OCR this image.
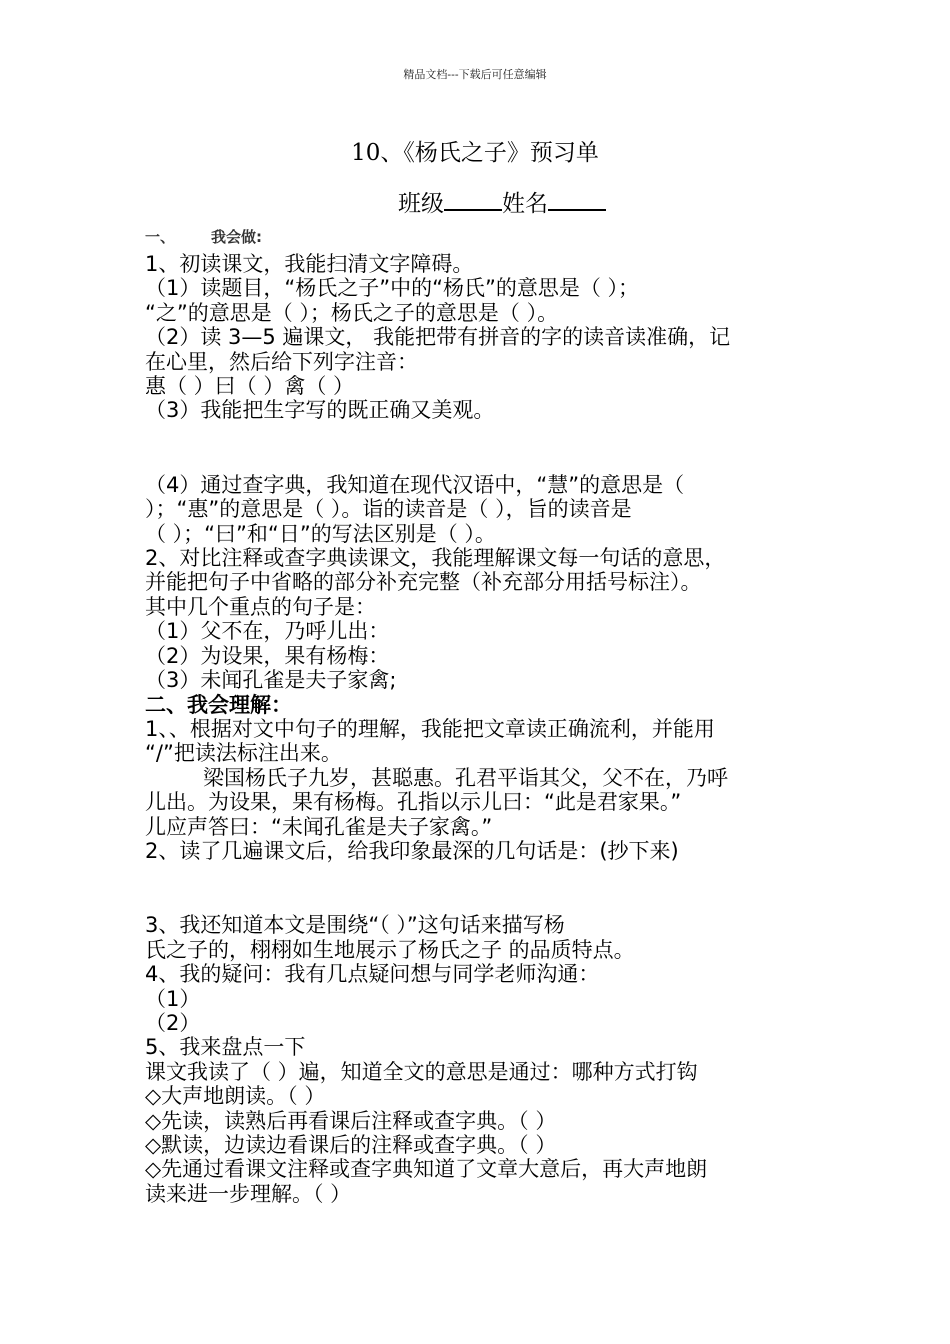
精品文档---下载后可任意编辑
10、《杨氏之子》预习单
班级	姓名

一、 我会做:

1、初读课文，我能扫清文字障碍。

（1）读题目，“杨氏之子”中的“杨氏”的意思是（ ）；

“之”的意思是（ ）；杨氏之子的意思是（ ）。

（2）读 3—5 遍课文， 我能把带有拼音的字的读音读准确，记

在心里，然后给下列字注音：

惠（ ）曰（ ）禽（ ）

（3）我能把生字写的既正确又美观。

（4）通过查字典，我知道在现代汉语中，“慧”的意思是（

）；“惠”的意思是（ ）。诣的读音是（ ），旨的读音是

（ ）；“曰”和“日”的写法区别是（ ）。

2、对比注释或查字典读课文，我能理解课文每一句话的意思，

并能把句子中省略的部分补充完整（补充部分用括号标注）。

其中几个重点的句子是：

（1）父不在，乃呼儿出：

（2）为设果，果有杨梅：

（3）未闻孔雀是夫子家禽;

二、我会理解：

1、、根据对文中句子的理解，我能把文章读正确流利，并能用

“/”把读法标注出来。

梁国杨氏子九岁，甚聪惠。孔君平诣其父，父不在，乃呼

儿出。为设果，果有杨梅。孔指以示儿曰：“此是君家果。”

儿应声答曰：“未闻孔雀是夫子家禽。”

2、读了几遍课文后，给我印象最深的几句话是：(抄下来)

3、我还知道本文是围绕“（ ）”这句话来描写杨

氏之子的，栩栩如生地展示了杨氏之子 的品质特点。

4、我的疑问：我有几点疑问想与同学老师沟通：

（1）

（2）

5、我来盘点一下

课文我读了（ ）遍，知道全文的意思是通过：哪种方式打钩

◇大声地朗读。（ ）

◇先读，读熟后再看课后注释或查字典。（ ）

◇默读，边读边看课后的注释或查字典。（ ）

◇先通过看课文注释或查字典知道了文章大意后，再大声地朗

读来进一步理解。（ ）
